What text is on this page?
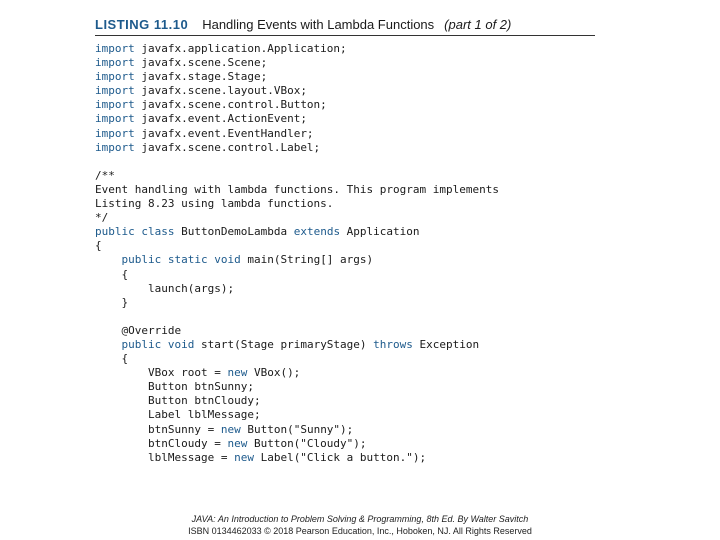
LISTING 11.10 Handling Events with Lambda Functions (part 1 of 2)
import javafx.application.Application;
import javafx.scene.Scene;
import javafx.stage.Stage;
import javafx.scene.layout.VBox;
import javafx.scene.control.Button;
import javafx.event.ActionEvent;
import javafx.event.EventHandler;
import javafx.scene.control.Label;
/**
Event handling with lambda functions. This program implements
Listing 8.23 using lambda functions.
*/
public class ButtonDemoLambda extends Application
{
public static void main(String[] args)
{
launch(args);
}
@Override
public void start(Stage primaryStage) throws Exception
{
VBox root = new VBox();
Button btnSunny;
Button btnCloudy;
Label lblMessage;
btnSunny = new Button("Sunny");
btnCloudy = new Button("Cloudy");
lblMessage = new Label("Click a button.");
JAVA: An Introduction to Problem Solving & Programming, 8th Ed. By Walter Savitch
ISBN 0134462033 © 2018 Pearson Education, Inc., Hoboken, NJ. All Rights Reserved
